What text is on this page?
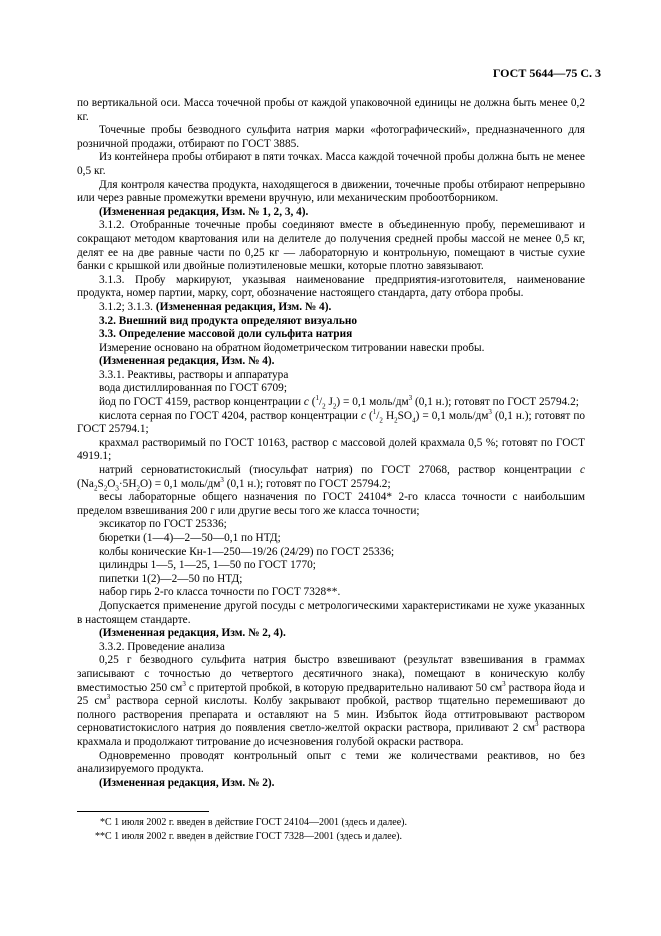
ГОСТ 5644—75 С. 3

по вертикальной оси. Масса точечной пробы от каждой упаковочной единицы не должна быть менее 0,2 кг.

Точечные пробы безводного сульфита натрия марки «фотографический», предназначенного для розничной продажи, отбирают по ГОСТ 3885.

Из контейнера пробы отбирают в пяти точках. Масса каждой точечной пробы должна быть не менее 0,5 кг.

Для контроля качества продукта, находящегося в движении, точечные пробы отбирают непрерывно или через равные промежутки времени вручную, или механическим пробоотборником.

(Измененная редакция, Изм. № 1, 2, 3, 4).

3.1.2. Отобранные точечные пробы соединяют вместе в объединенную пробу, перемешивают и сокращают методом квартования или на делителе до получения средней пробы массой не менее 0,5 кг, делят ее на две равные части по 0,25 кг — лабораторную и контрольную, помещают в чистые сухие банки с крышкой или двойные полиэтиленовые мешки, которые плотно завязывают.

3.1.3. Пробу маркируют, указывая наименование предприятия-изготовителя, наименование продукта, номер партии, марку, сорт, обозначение настоящего стандарта, дату отбора пробы.

3.1.2; 3.1.3. (Измененная редакция, Изм. № 4).

3.2. Внешний вид продукта определяют визуально

3.3. Определение массовой доли сульфита натрия

Измерение основано на обратном йодометрическом титровании навески пробы.

(Измененная редакция, Изм. № 4).

3.3.1. Реактивы, растворы и аппаратура

вода дистиллированная по ГОСТ 6709;

йод по ГОСТ 4159, раствор концентрации c ($^1/_2$ $J_2) = 0,1$ моль/$дм^3$ (0,1 н.); готовят по ГОСТ 25794.2;

кислота серная по ГОСТ 4204, раствор концентрации c ($^1/_2$ $H_2SO_4) = 0,1$ моль/$дм^3$ (0,1 н.); готовят по ГОСТ 25794.1;

крахмал растворимый по ГОСТ 10163, раствор с массовой долей крахмала 0,5 %; готовят по ГОСТ 4919.1;

натрий серноватистокислый (тиосульфат натрия) по ГОСТ 27068, раствор концентрации c $(Na_2S_2O_3\cdot 5H_2O) = 0,1$ моль/$дм^3$ (0,1 н.); готовят по ГОСТ 25794.2;

весы лабораторные общего назначения по ГОСТ 24104* 2-го класса точности с наибольшим пределом взвешивания 200 г или другие весы того же класса точности;

эксикатор по ГОСТ 25336;

бюретки (1—4)—2—50—0,1 по НТД;

колбы конические Кн-1—250—19/26 (24/29) по ГОСТ 25336;

цилиндры 1—5, 1—25, 1—50 по ГОСТ 1770;

пипетки 1(2)—2—50 по НТД;

набор гирь 2-го класса точности по ГОСТ 7328**.

Допускается применение другой посуды с метрологическими характеристиками не хуже указанных в настоящем стандарте.

(Измененная редакция, Изм. № 2, 4).

3.3.2. Проведение анализа

0,25 г безводного сульфита натрия быстро взвешивают (результат взвешивания в граммах записывают с точностью до четвертого десятичного знака), помещают в коническую колбу вместимостью 250 $см^3$ с притертой пробкой, в которую предварительно наливают 50 $см^3$ раствора йода и 25 $см^3$ раствора серной кислоты. Колбу закрывают пробкой, раствор тщательно перемешивают до полного растворения препарата и оставляют на 5 мин. Избыток йода оттитровывают раствором серноватистокислого натрия до появления светло-желтой окраски раствора, приливают 2 $см^3$ раствора крахмала и продолжают титрование до исчезновения голубой окраски раствора.

Одновременно проводят контрольный опыт с теми же количествами реактивов, но без анализируемого продукта.

(Измененная редакция, Изм. № 2).

*С 1 июля 2002 г. введен в действие ГОСТ 24104—2001 (здесь и далее).
**С 1 июля 2002 г. введен в действие ГОСТ 7328—2001 (здесь и далее).
